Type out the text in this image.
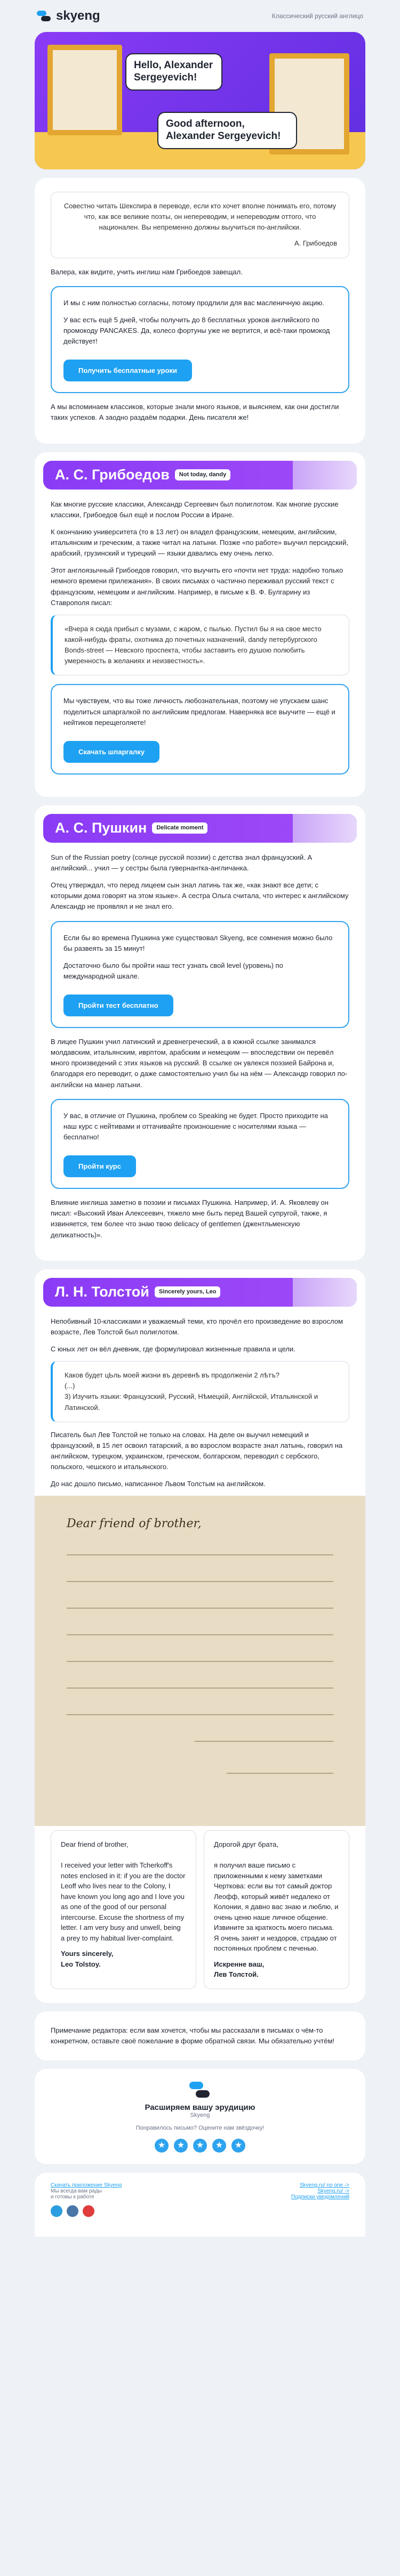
skyeng	Классический русский англицо
Hello, Alexander Sergeyevich!
Good afternoon, Alexander Sergeyevich!
Совестно читать Шекспира в переводе, если кто хочет вполне понимать его, потому что, как все великие поэты, он непереводим, и непереводим оттого, что национален. Вы непременно должны выучиться по-английски.
А. Грибоедов

Валера, как видите, учить инглиш нам Грибоедов завещал.

И мы с ним полностью согласны, потому продлили для вас масленичную акцию.

У вас есть ещё 5 дней, чтобы получить до 8 бесплатных уроков английского по промокоду PANCAKES. Да, колесо фортуны уже не вертится, и всё-таки промокод действует!

Получить бесплатные уроки

А мы вспоминаем классиков, которые знали много языков, и выясняем, как они достигли таких успехов. А заодно раздаём подарки. День писателя же!

А. С. Грибоедов	Not today, dandy

Как многие русские классики, Александр Сергеевич был полиглотом. Как многие русские классики, Грибоедов был ещё и послом России в Иране.

К окончанию университета (то в 13 лет) он владел французским, немецким, английским, итальянским и греческим, а также читал на латыни. Позже «по работе» выучил персидский, арабский, грузинский и турецкий — языки давались ему очень легко.

Этот англоязычный Грибоедов говорил, что выучить его «почти нет труда: надобно только немного времени прилежания». В своих письмах о частично переживал русский текст с французским, немецким и английским. Например, в письме к В. Ф. Булгарину из Ставрополя писал:

«Вчера я сюда прибыл с музами, с жаром, с пылью. Пустил бы я на свое место какой-нибудь фраты, охотника до почетных назначений, dandy петербургского Bonds-street — Невского проспекта, чтобы заставить его душою полюбить умеренность в желаниях и неизвестность».

Мы чувствуем, что вы тоже личность любознательная, поэтому не упускаем шанс поделиться шпаргалкой по английским предлогам. Наверняка все выучите — ещё и нейтиков перещеголяете!

Скачать шпаргалку
А. С. Пушкин	Delicate moment

Sun of the Russian poetry (солнце русской поэзии) с детства знал французский. А английский... учил — у сестры была гувернантка-англичанка.

Отец утверждал, что перед лицеем сын знал латинь так же, «как знают все дети; с которыми дома говорят на этом языке». А сестра Ольга считала, что интерес к английскому Александр не проявлял и не знал его.

Если бы во времена Пушкина уже существовал Skyeng, все сомнения можно было бы развеять за 15 минут!

Достаточно было бы пройти наш тест узнать свой level (уровень) по международной шкале.

Пройти тест бесплатно

В лицее Пушкин учил латинский и древнегреческий, а в южной ссылке занимался молдавским, итальянским, иврптом, арабским и немецким — впоследствии он перевёл много произведений с этих языков на русский. В ссылке он увлекся поэзией Байрона и, благодаря его переводит, о даже самостоятельно учил бы на нём — Александр говорил по-английски на манер латыни.

У вас, в отличие от Пушкина, проблем со Speaking не будет. Просто приходите на наш курс с нейтивами и оттачивайте произношение с носителями языка — бесплатно!

Пройти курс

Влияние инглиша заметно в поэзии и письмах Пушкина. Например, И. А. Яковлеву он писал: «Высокий Иван Алексеевич, тяжело мне быть перед Вашей супругой, также, я извиняется, тем более что знаю твою delicacy of gentlemen (джентльменскую деликатность)».

Л. Н. Толстой	Sincerely yours, Leo

Непобивный 10-классиками и уважаемый теми, кто прочёл его произведение во взрослом возрасте, Лев Толстой был полиглотом.

С юных лет он вёл дневник, где формулировал жизненные правила и цели.

Каков будет цЬль моей жизни въ деревнѣ въ продолженiи 2 лѣтъ?
(...)
3) Изучить языки: Французский, Русский, Нѣмецкій, Англійской, Итальянской и Латинской.

Писатель был Лев Толстой не только на словах. На деле он выучил немецкий и французский, в 15 лет освоил татарский, а во взрослом возрасте знал латынь, говорил на английском, турецком, украинском, греческом, болгарском, переводил с сербского, польского, чешского и итальянского.

До нас дошло письмо, написанное Львом Толстым на английском.

Dear friend of brother,
Dear friend of brother,

I received your letter with Tcherkoff's notes enclosed in it: if you are the doctor Leoff who lives near to the Colony, I have known you long ago and I love you as one of the good of our personal intercourse. Excuse the shortness of my letter. I am very busy and unwell, being a prey to my habitual liver-complaint.
Yours sincerely,
Leo Tolstoy.
Дорогой друг брата,

я получил ваше письмо с приложенными к нему заметками Черткова: если вы тот самый доктор Леофф, который живёт недалеко от Колонии, я давно вас знаю и люблю, и очень ценю наше личное общение. Извините за краткость моего письма. Я очень занят и нездоров, страдаю от постоянных проблем с печенью.
Искренне ваш,
Лев Толстой.

Примечание редактора: если вам хочется, чтобы мы рассказали в письмах о чём-то конкретном, оставьте своё пожелание в форме обратной связи. Мы обязательно учтём!

Расширяем вашу эрудицию
Skyeng
Понравилось письмо? Оцените нам звёздочку!
★	★	★	★	★
Скачать приложение Skyeng
Мы всегда вам рады
и готовы к работе
Skyeng.ru/ no one ->
Skyeng.ru/ ->
Подписки уведомлений
